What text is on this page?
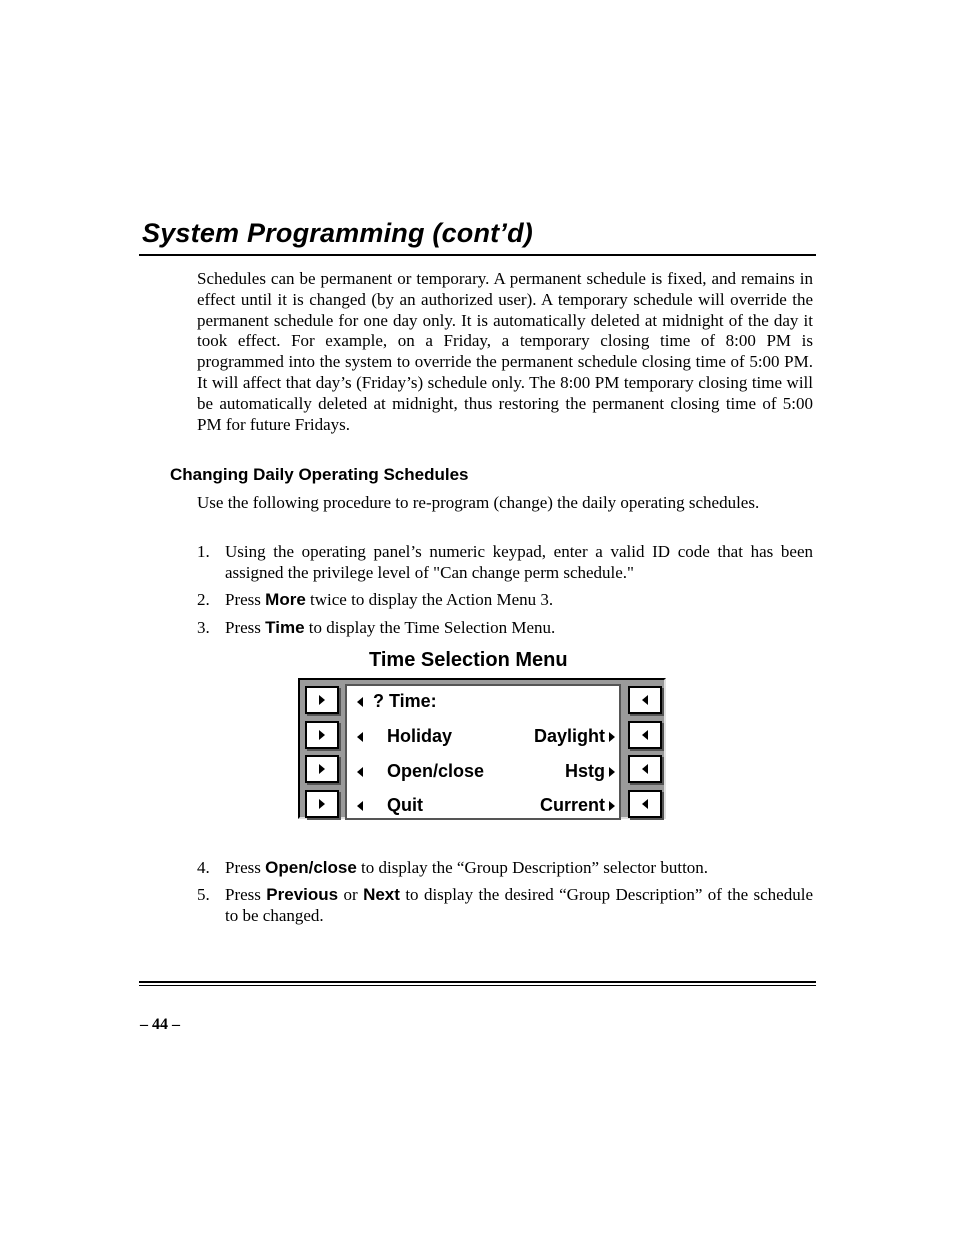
System Programming (cont’d)
Schedules can be permanent or temporary. A permanent schedule is fixed, and remains in effect until it is changed (by an authorized user). A temporary schedule will override the permanent schedule for one day only. It is automatically deleted at midnight of the day it took effect. For example, on a Friday, a temporary closing time of 8:00 PM is programmed into the system to override the permanent schedule closing time of 5:00 PM. It will affect that day’s (Friday’s) schedule only. The 8:00 PM temporary closing time will be automatically deleted at midnight, thus restoring the permanent closing time of 5:00 PM for future Fridays.
Changing Daily Operating Schedules
Use the following procedure to re-program (change) the daily operating schedules.
1. Using the operating panel’s numeric keypad, enter a valid ID code that has been assigned the privilege level of "Can change perm schedule."
2. Press More twice to display the Action Menu 3.
3. Press Time to display the Time Selection Menu.
Time Selection Menu
? Time:
Holiday	Daylight
Open/close	Hstg
Quit	Current
4. Press Open/close to display the “Group Description” selector button.
5. Press Previous or Next to display the desired “Group Description” of the schedule to be changed.
– 44 –
